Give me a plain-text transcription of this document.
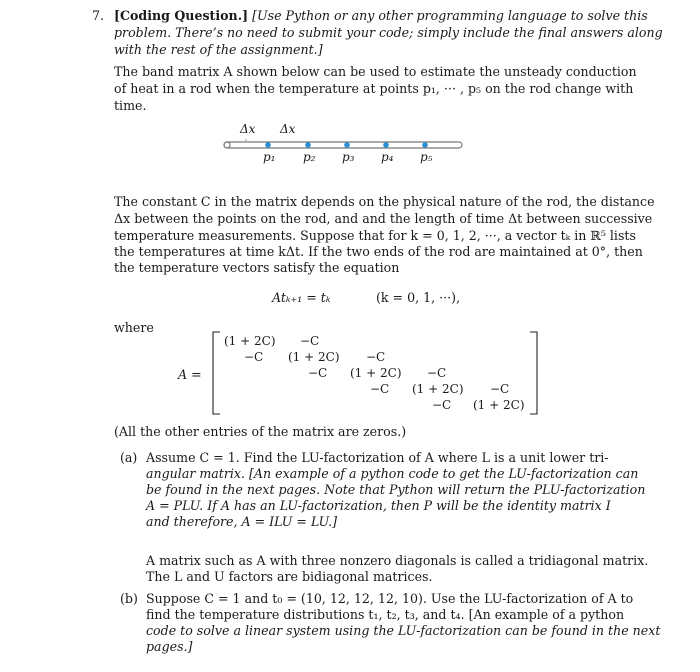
7. [Coding Question.] [Use Python or any other programming language to solve this
problem. There’s no need to submit your code; simply include the final answers along
with the rest of the assignment.]
The band matrix A shown below can be used to estimate the unsteady conduction
of heat in a rod when the temperature at points p₁, ··· , p₅ on the rod change with
time.
Δx Δx
p₁ p₂ p₃ p₄ p₅
The constant C in the matrix depends on the physical nature of the rod, the distance
Δx between the points on the rod, and and the length of time Δt between successive
temperature measurements. Suppose that for k = 0, 1, 2, ···, a vector tₖ in ℝ⁵ lists
the temperatures at time kΔt. If the two ends of the rod are maintained at 0°, then
the temperature vectors satisfy the equation
Atₖ₊₁ = tₖ	(k = 0, 1, ···),
where
A =
(1 + 2C) −C
−C (1 + 2C) −C
−C (1 + 2C) −C
−C (1 + 2C) −C
−C (1 + 2C)
(All the other entries of the matrix are zeros.)
(a) Assume C = 1. Find the LU-factorization of A where L is a unit lower tri-
angular matrix. [An example of a python code to get the LU-factorization can
be found in the next pages. Note that Python will return the PLU-factorization
A = PLU. If A has an LU-factorization, then P will be the identity matrix I
and therefore, A = ILU = LU.]
A matrix such as A with three nonzero diagonals is called a tridiagonal matrix.
The L and U factors are bidiagonal matrices.
(b) Suppose C = 1 and t₀ = (10, 12, 12, 12, 10). Use the LU-factorization of A to
find the temperature distributions t₁, t₂, t₃, and t₄. [An example of a python
code to solve a linear system using the LU-factorization can be found in the next
pages.]
